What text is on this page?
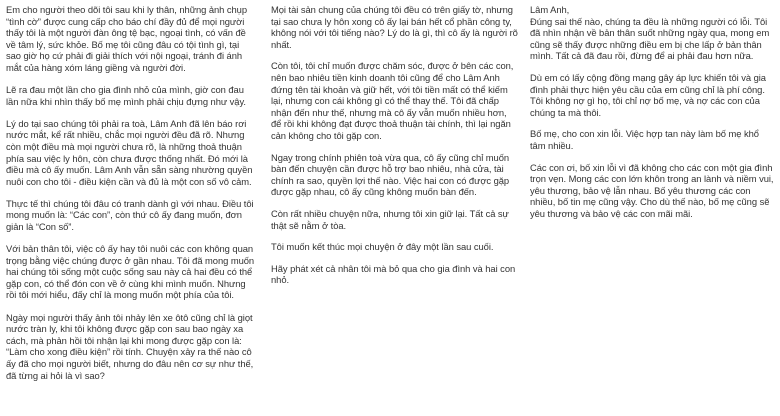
Em cho người theo dõi tôi sau khi ly thân, những ảnh chụp “tình cờ” được cung cấp cho báo chí đầy đủ để mọi người thấy tôi là một người đàn ông tệ bạc, ngoại tình, có vấn đề về tâm lý, sức khỏe. Bố mẹ tôi cũng đâu có tội tình gì, tại sao giờ họ cứ phải đi giải thích với nội ngoại, tránh đi ánh mắt của hàng xóm láng giềng và người đời.

Lẽ ra đau một lần cho gia đình nhỏ của mình, giờ con đau lần nữa khi nhìn thấy bố mẹ mình phải chịu đựng như vậy.

Lý do tại sao chúng tôi phải ra toà, Lâm Anh đã lên báo rơi nước mắt, kể rất nhiều, chắc mọi người đều đã rõ. Nhưng còn một điều mà mọi người chưa rõ, là những thoả thuận phía sau việc ly hôn, còn chưa được thống nhất. Đó mới là điều mà cô ấy muốn. Lâm Anh vẫn sẵn sàng nhường quyền nuôi con cho tôi - điều kiện cần và đủ là một con số vô cảm.

Thực tế thì chúng tôi đâu có tranh dành gì với nhau. Điều tôi mong muốn là: “Các con”, còn thứ cô ấy đang muốn, đơn giản là “Con số”.

Với bản thân tôi, việc cô ấy hay tôi nuôi các con không quan trọng bằng việc chúng được ở gần nhau. Tôi đã mong muốn hai chúng tôi sống một cuộc sống sau này cả hai đều có thể gặp con, có thể đón con về ở cùng khi mình muốn. Nhưng rồi tôi mới hiểu, đấy chỉ là mong muốn một phía của tôi.

Ngày mọi người thấy ảnh tôi nhảy lên xe ôtô cũng chỉ là giọt nước tràn ly, khi tôi không được gặp con sau bao ngày xa cách, mà phản hồi tôi nhận lại khi mong được gặp con là: “Làm cho xong điều kiện” rồi tính. Chuyện xảy ra thế nào cô ấy đã cho mọi người biết, nhưng do đâu nên cơ sự như thế, đã từng ai hỏi là vì sao?

Mọi tài sản chung của chúng tôi đều có trên giấy tờ, nhưng tại sao chưa ly hôn xong cô ấy lại bán hết cổ phần công ty, không nói với tôi tiếng nào? Lý do là gì, thì cô ấy là người rõ nhất.

Còn tôi, tôi chỉ muốn được chăm sóc, được ở bên các con, nên bao nhiêu tiền kinh doanh tôi cũng để cho Lâm Anh đứng tên tài khoản và giữ hết, với tôi tiền mất có thể kiếm lại, nhưng con cái không gì có thể thay thế. Tôi đã chấp nhận đến như thế, nhưng mà cô ấy vẫn muốn nhiều hơn, để rồi khi không đạt được thoả thuận tài chính, thì lại ngăn cản không cho tôi gặp con.

Ngay trong chính phiên toà vừa qua, cô ấy cũng chỉ muốn bàn đến chuyện cần được hỗ trợ bao nhiêu, nhà cửa, tài chính ra sao, quyền lợi thế nào. Việc hai con có được gặp được gặp nhau, cô ấy cũng không muốn bàn đến.

Còn rất nhiều chuyện nữa, nhưng tôi xin giữ lại. Tất cả sự thật sẽ nằm ở tòa.

Tôi muốn kết thúc mọi chuyện ở đây một lần sau cuối.

Hãy phát xét cả nhân tôi mà bỏ qua cho gia đình và hai con nhỏ.

Lâm Anh,
Đúng sai thế nào, chúng ta đều là những người có lỗi. Tôi đã nhìn nhận về bản thân suốt những ngày qua, mong em cũng sẽ thấy được những điều em bị che lấp ở bản thân mình. Tất cả đã đau rồi, đừng để ai phải đau hơn nữa.

Dù em có lấy cộng đồng mạng gây áp lực khiến tôi và gia đình phải thực hiện yêu cầu của em cũng chỉ là phí công. Tôi không nợ gì họ, tôi chỉ nợ bố mẹ, và nợ các con của chúng ta mà thôi.

Bố mẹ, cho con xin lỗi. Việc hợp tan này làm bố mẹ khổ tâm nhiều.

Các con ơi, bố xin lỗi vì đã không cho các con một gia đình trọn vẹn. Mong các con lớn khôn trong an lành và niềm vui, yêu thương, bảo vệ lẫn nhau. Bố yêu thương các con nhiều, bố tin mẹ cũng vậy. Cho dù thế nào, bố mẹ cũng sẽ yêu thương và bảo vệ các con mãi mãi.
